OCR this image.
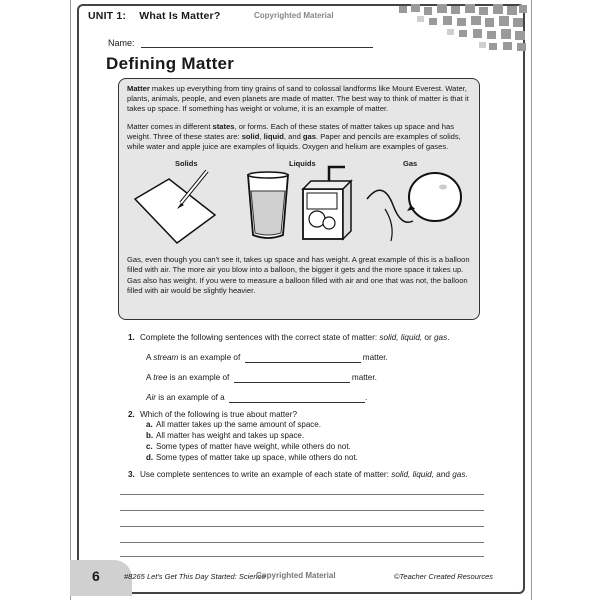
UNIT 1: What Is Matter?	Copyrighted Material
Name:
Defining Matter

Matter makes up everything from tiny grains of sand to colossal landforms like Mount Everest. Water, plants, animals, people, and even planets are made of matter. The best way to think of matter is that it takes up space. If something has weight or volume, it is an example of matter.

Matter comes in different states, or forms. Each of these states of matter takes up space and has weight. Three of these states are: solid, liquid, and gas. Paper and pencils are examples of solids, while water and apple juice are examples of liquids. Oxygen and helium are examples of gases.

Solids	Liquids	Gas

Gas, even though you can't see it, takes up space and has weight. A great example of this is a balloon filled with air. The more air you blow into a balloon, the bigger it gets and the more space it takes up. Gas also has weight. If you were to measure a balloon filled with air and one that was not, the balloon filled with air would be slightly heavier.

1. Complete the following sentences with the correct state of matter: solid, liquid, or gas.
A stream is an example of	matter.
A tree is an example of	matter.
Air is an example of a	.
2. Which of the following is true about matter?
a. All matter takes up the same amount of space.
b. All matter has weight and takes up space.
c. Some types of matter have weight, while others do not.
d. Some types of matter take up space, while others do not.
3. Use complete sentences to write an example of each state of matter: solid, liquid, and gas.
6	#8265 Let's Get This Day Started: Science
Copyrighted Material	©Teacher Created Resources
